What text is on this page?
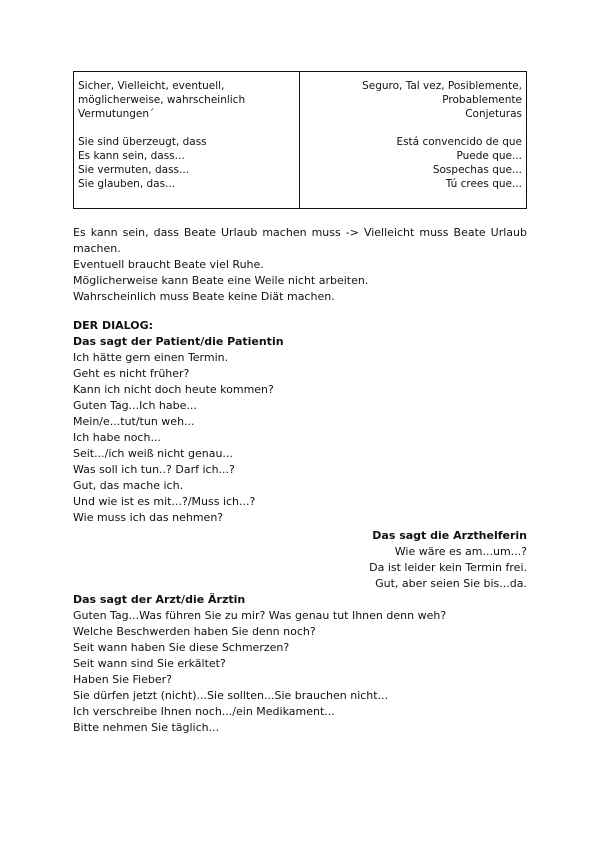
Sicher, Vielleicht, eventuell,
möglicherweise, wahrscheinlich
Vermutungen´
Sie sind überzeugt, dass
Es kann sein, dass...
Sie vermuten, dass...
Sie glauben, das...
Seguro, Tal vez, Posiblemente,
Probablemente
Conjeturas
Está convencido de que
Puede que...
Sospechas que...
Tú crees que...

Es kann sein, dass Beate Urlaub machen muss -> Vielleicht muss Beate Urlaub machen.

Eventuell braucht Beate viel Ruhe.

Möglicherweise kann Beate eine Weile nicht arbeiten.

Wahrscheinlich muss Beate keine Diät machen.

DER DIALOG:
Das sagt der Patient/die Patientin
Ich hätte gern einen Termin.
Geht es nicht früher?
Kann ich nicht doch heute kommen?
Guten Tag...Ich habe...
Mein/e...tut/tun weh...
Ich habe noch...
Seit.../ich weiß nicht genau...
Was soll ich tun..? Darf ich...?
Gut, das mache ich.
Und wie ist es mit...?/Muss ich...?
Wie muss ich das nehmen?
Das sagt die Arzthelferin
Wie wäre es am...um...?
Da ist leider kein Termin frei.
Gut, aber seien Sie bis...da.
Das sagt der Arzt/die Ärztin
Guten Tag...Was führen Sie zu mir? Was genau tut Ihnen denn weh?
Welche Beschwerden haben Sie denn noch?
Seit wann haben Sie diese Schmerzen?
Seit wann sind Sie erkältet?
Haben Sie Fieber?
Sie dürfen jetzt (nicht)...Sie sollten...Sie brauchen nicht...
Ich verschreibe Ihnen noch.../ein Medikament...
Bitte nehmen Sie täglich...
